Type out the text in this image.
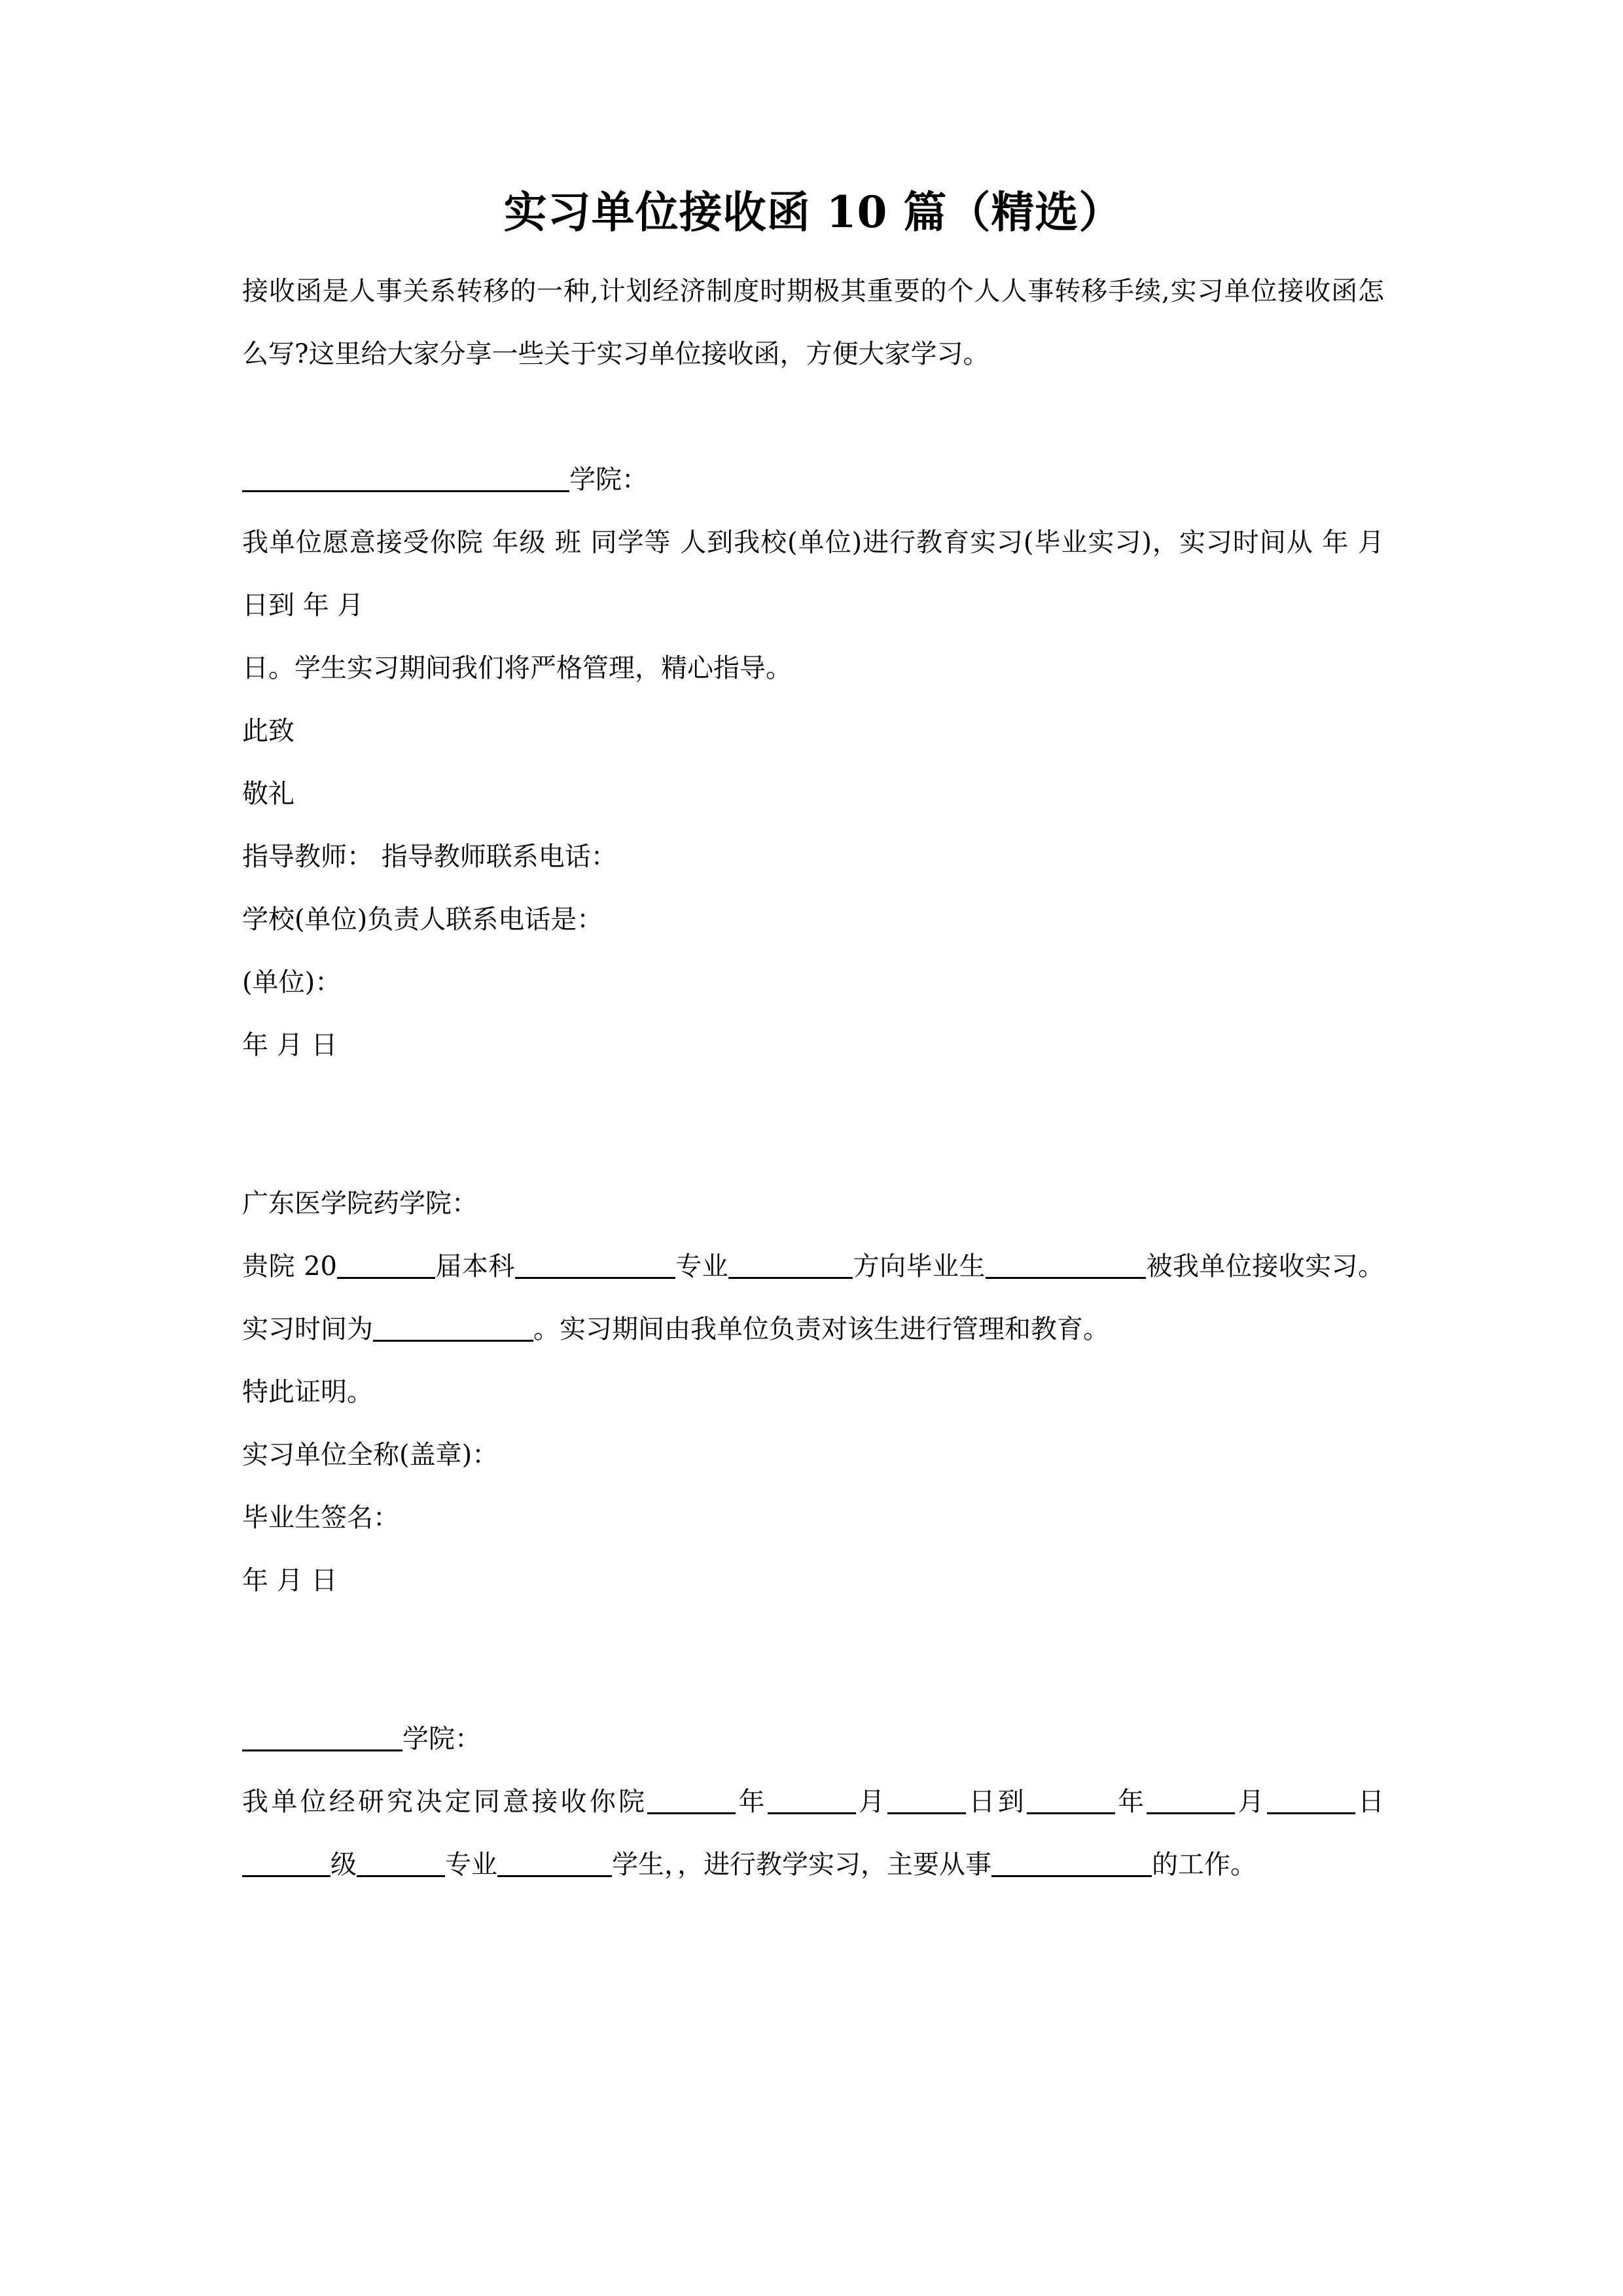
实习单位接收函 10 篇（精选）

接收函是人事关系转移的一种,计划经济制度时期极其重要的个人人事转移手续,实习单位接收函怎么写?这里给大家分享一些关于实习单位接收函，方便大家学习。

学院：

我单位愿意接受你院 年级 班 同学等 人到我校(单位)进行教育实习(毕业实习)，实习时间从 年 月 日到 年 月

日。学生实习期间我们将严格管理，精心指导。

此致

敬礼

指导教师： 指导教师联系电话：

学校(单位)负责人联系电话是：

(单位)：

年 月 日

广东医学院药学院：

贵院 20	届本科	专业	方向毕业生	被我单位接收实习。实习时间为	。实习期间由我单位负责对该生进行管理和教育。

特此证明。

实习单位全称(盖章)：

毕业生签名：

年 月 日

学院：

我单位经研究决定同意接收你院	年	月	日到	年	月	日级	专业	学生，，进行教学实习，主要从事	的工作。
